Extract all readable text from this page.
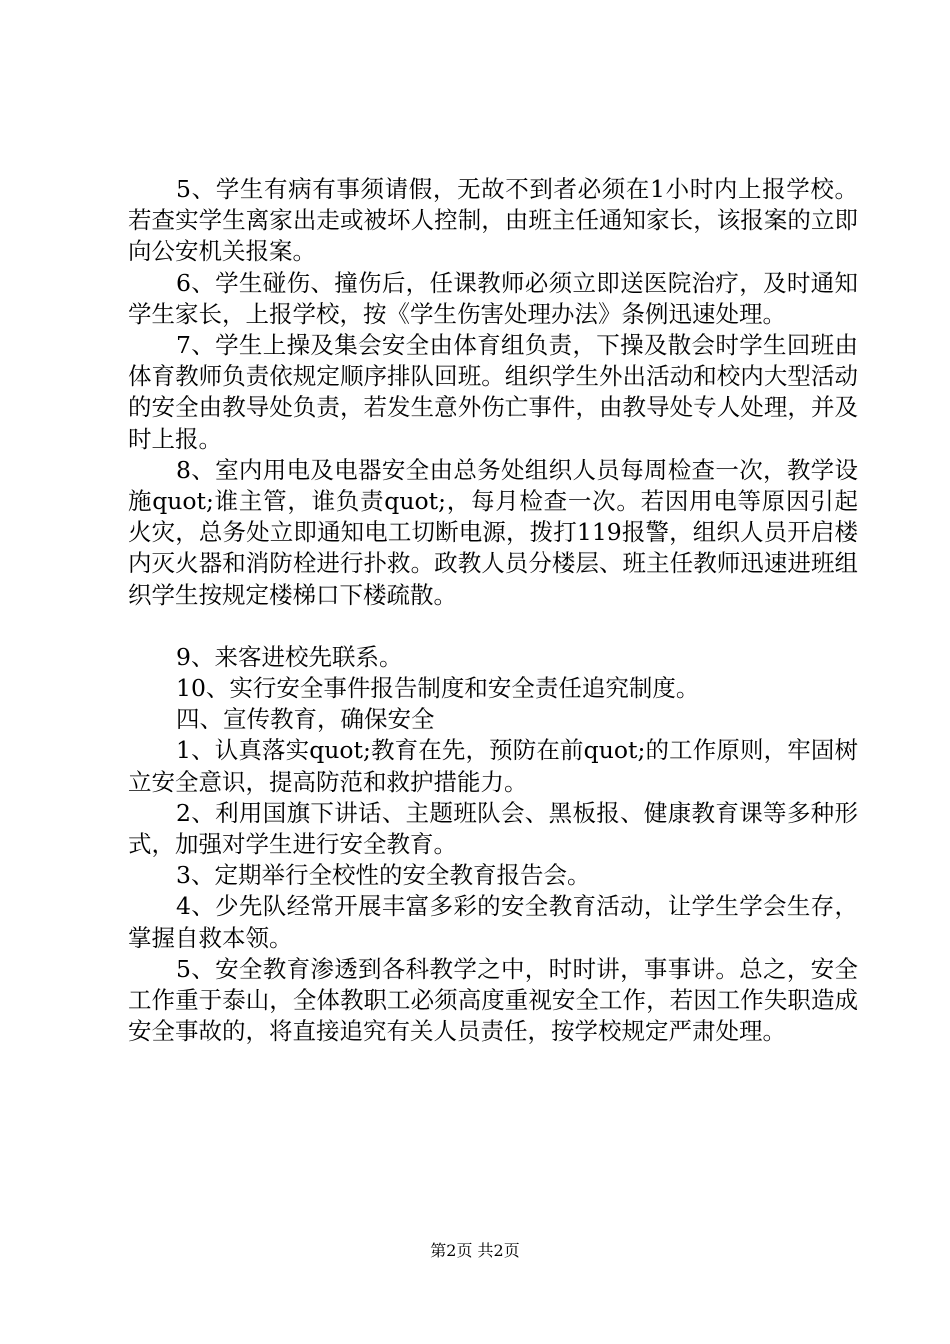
5、学生有病有事须请假，无故不到者必须在1小时内上报学校。若查实学生离家出走或被坏人控制，由班主任通知家长，该报案的立即向公安机关报案。

6、学生碰伤、撞伤后，任课教师必须立即送医院治疗，及时通知学生家长，上报学校，按《学生伤害处理办法》条例迅速处理。

7、学生上操及集会安全由体育组负责，下操及散会时学生回班由体育教师负责依规定顺序排队回班。组织学生外出活动和校内大型活动的安全由教导处负责，若发生意外伤亡事件，由教导处专人处理，并及时上报。

8、室内用电及电器安全由总务处组织人员每周检查一次，教学设施quot;谁主管，谁负责quot;，每月检查一次。若因用电等原因引起火灾，总务处立即通知电工切断电源，拨打119报警，组织人员开启楼内灭火器和消防栓进行扑救。政教人员分楼层、班主任教师迅速进班组织学生按规定楼梯口下楼疏散。

9、来客进校先联系。

10、实行安全事件报告制度和安全责任追究制度。

四、宣传教育，确保安全

1、认真落实quot;教育在先，预防在前quot;的工作原则，牢固树立安全意识，提高防范和救护措能力。

2、利用国旗下讲话、主题班队会、黑板报、健康教育课等多种形式，加强对学生进行安全教育。

3、定期举行全校性的安全教育报告会。

4、少先队经常开展丰富多彩的安全教育活动，让学生学会生存，掌握自救本领。

5、安全教育渗透到各科教学之中，时时讲，事事讲。总之，安全工作重于泰山，全体教职工必须高度重视安全工作，若因工作失职造成安全事故的，将直接追究有关人员责任，按学校规定严肃处理。

第2页 共2页
